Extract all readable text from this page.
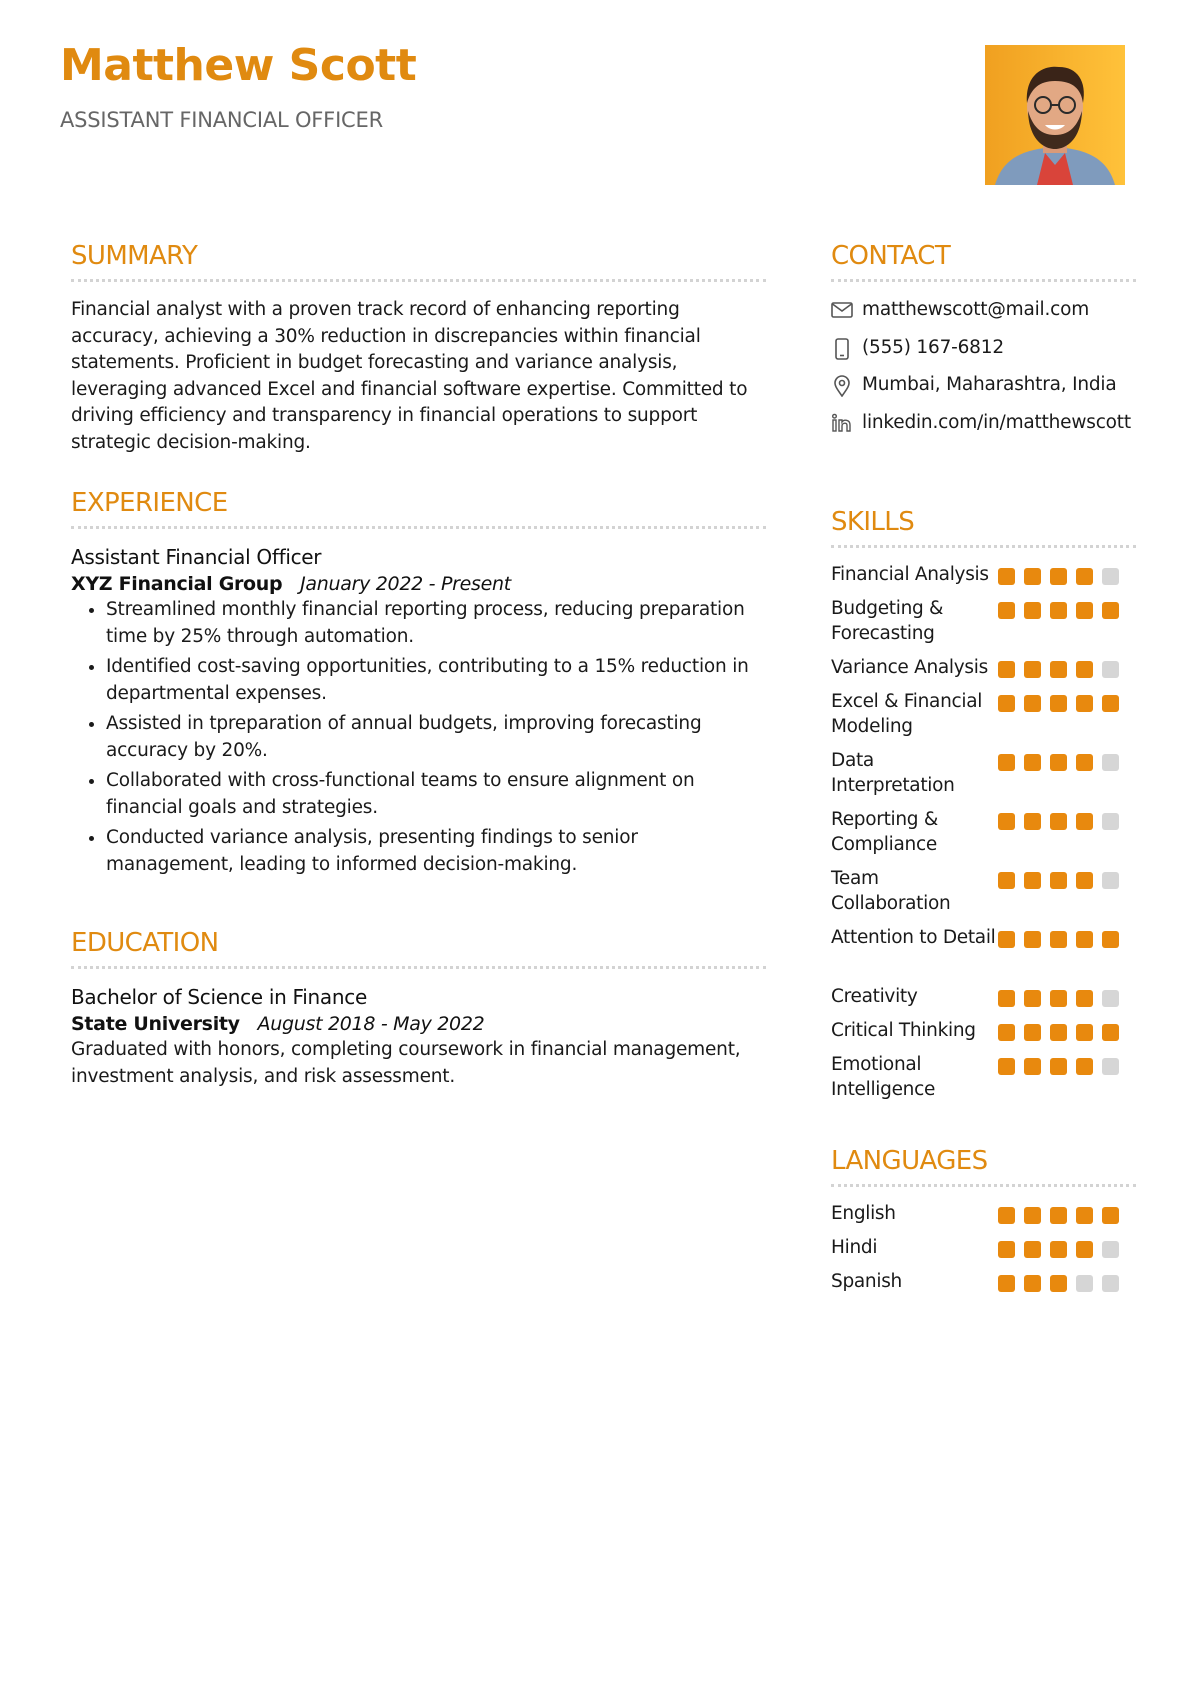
Matthew Scott
ASSISTANT FINANCIAL OFFICER
SUMMARY
Financial analyst with a proven track record of enhancing reporting accuracy, achieving a 30% reduction in discrepancies within financial statements. Proficient in budget forecasting and variance analysis, leveraging advanced Excel and financial software expertise. Committed to driving efficiency and transparency in financial operations to support strategic decision-making.
EXPERIENCE
Assistant Financial Officer
XYZ Financial Group January 2022 - Present
• Streamlined monthly financial reporting process, reducing preparation time by 25% through automation.
• Identified cost-saving opportunities, contributing to a 15% reduction in departmental expenses.
• Assisted in tpreparation of annual budgets, improving forecasting accuracy by 20%.
• Collaborated with cross-functional teams to ensure alignment on financial goals and strategies.
• Conducted variance analysis, presenting findings to senior management, leading to informed decision-making.
EDUCATION
Bachelor of Science in Finance
State University August 2018 - May 2022
Graduated with honors, completing coursework in financial management, investment analysis, and risk assessment.
CONTACT
matthewscott@mail.com
(555) 167-6812
Mumbai, Maharashtra, India
linkedin.com/in/matthewscott
SKILLS
Financial Analysis
Budgeting & Forecasting
Variance Analysis
Excel & Financial Modeling
Data Interpretation
Reporting & Compliance
Team Collaboration
Attention to Detail
Creativity
Critical Thinking
Emotional Intelligence
LANGUAGES
English
Hindi
Spanish
